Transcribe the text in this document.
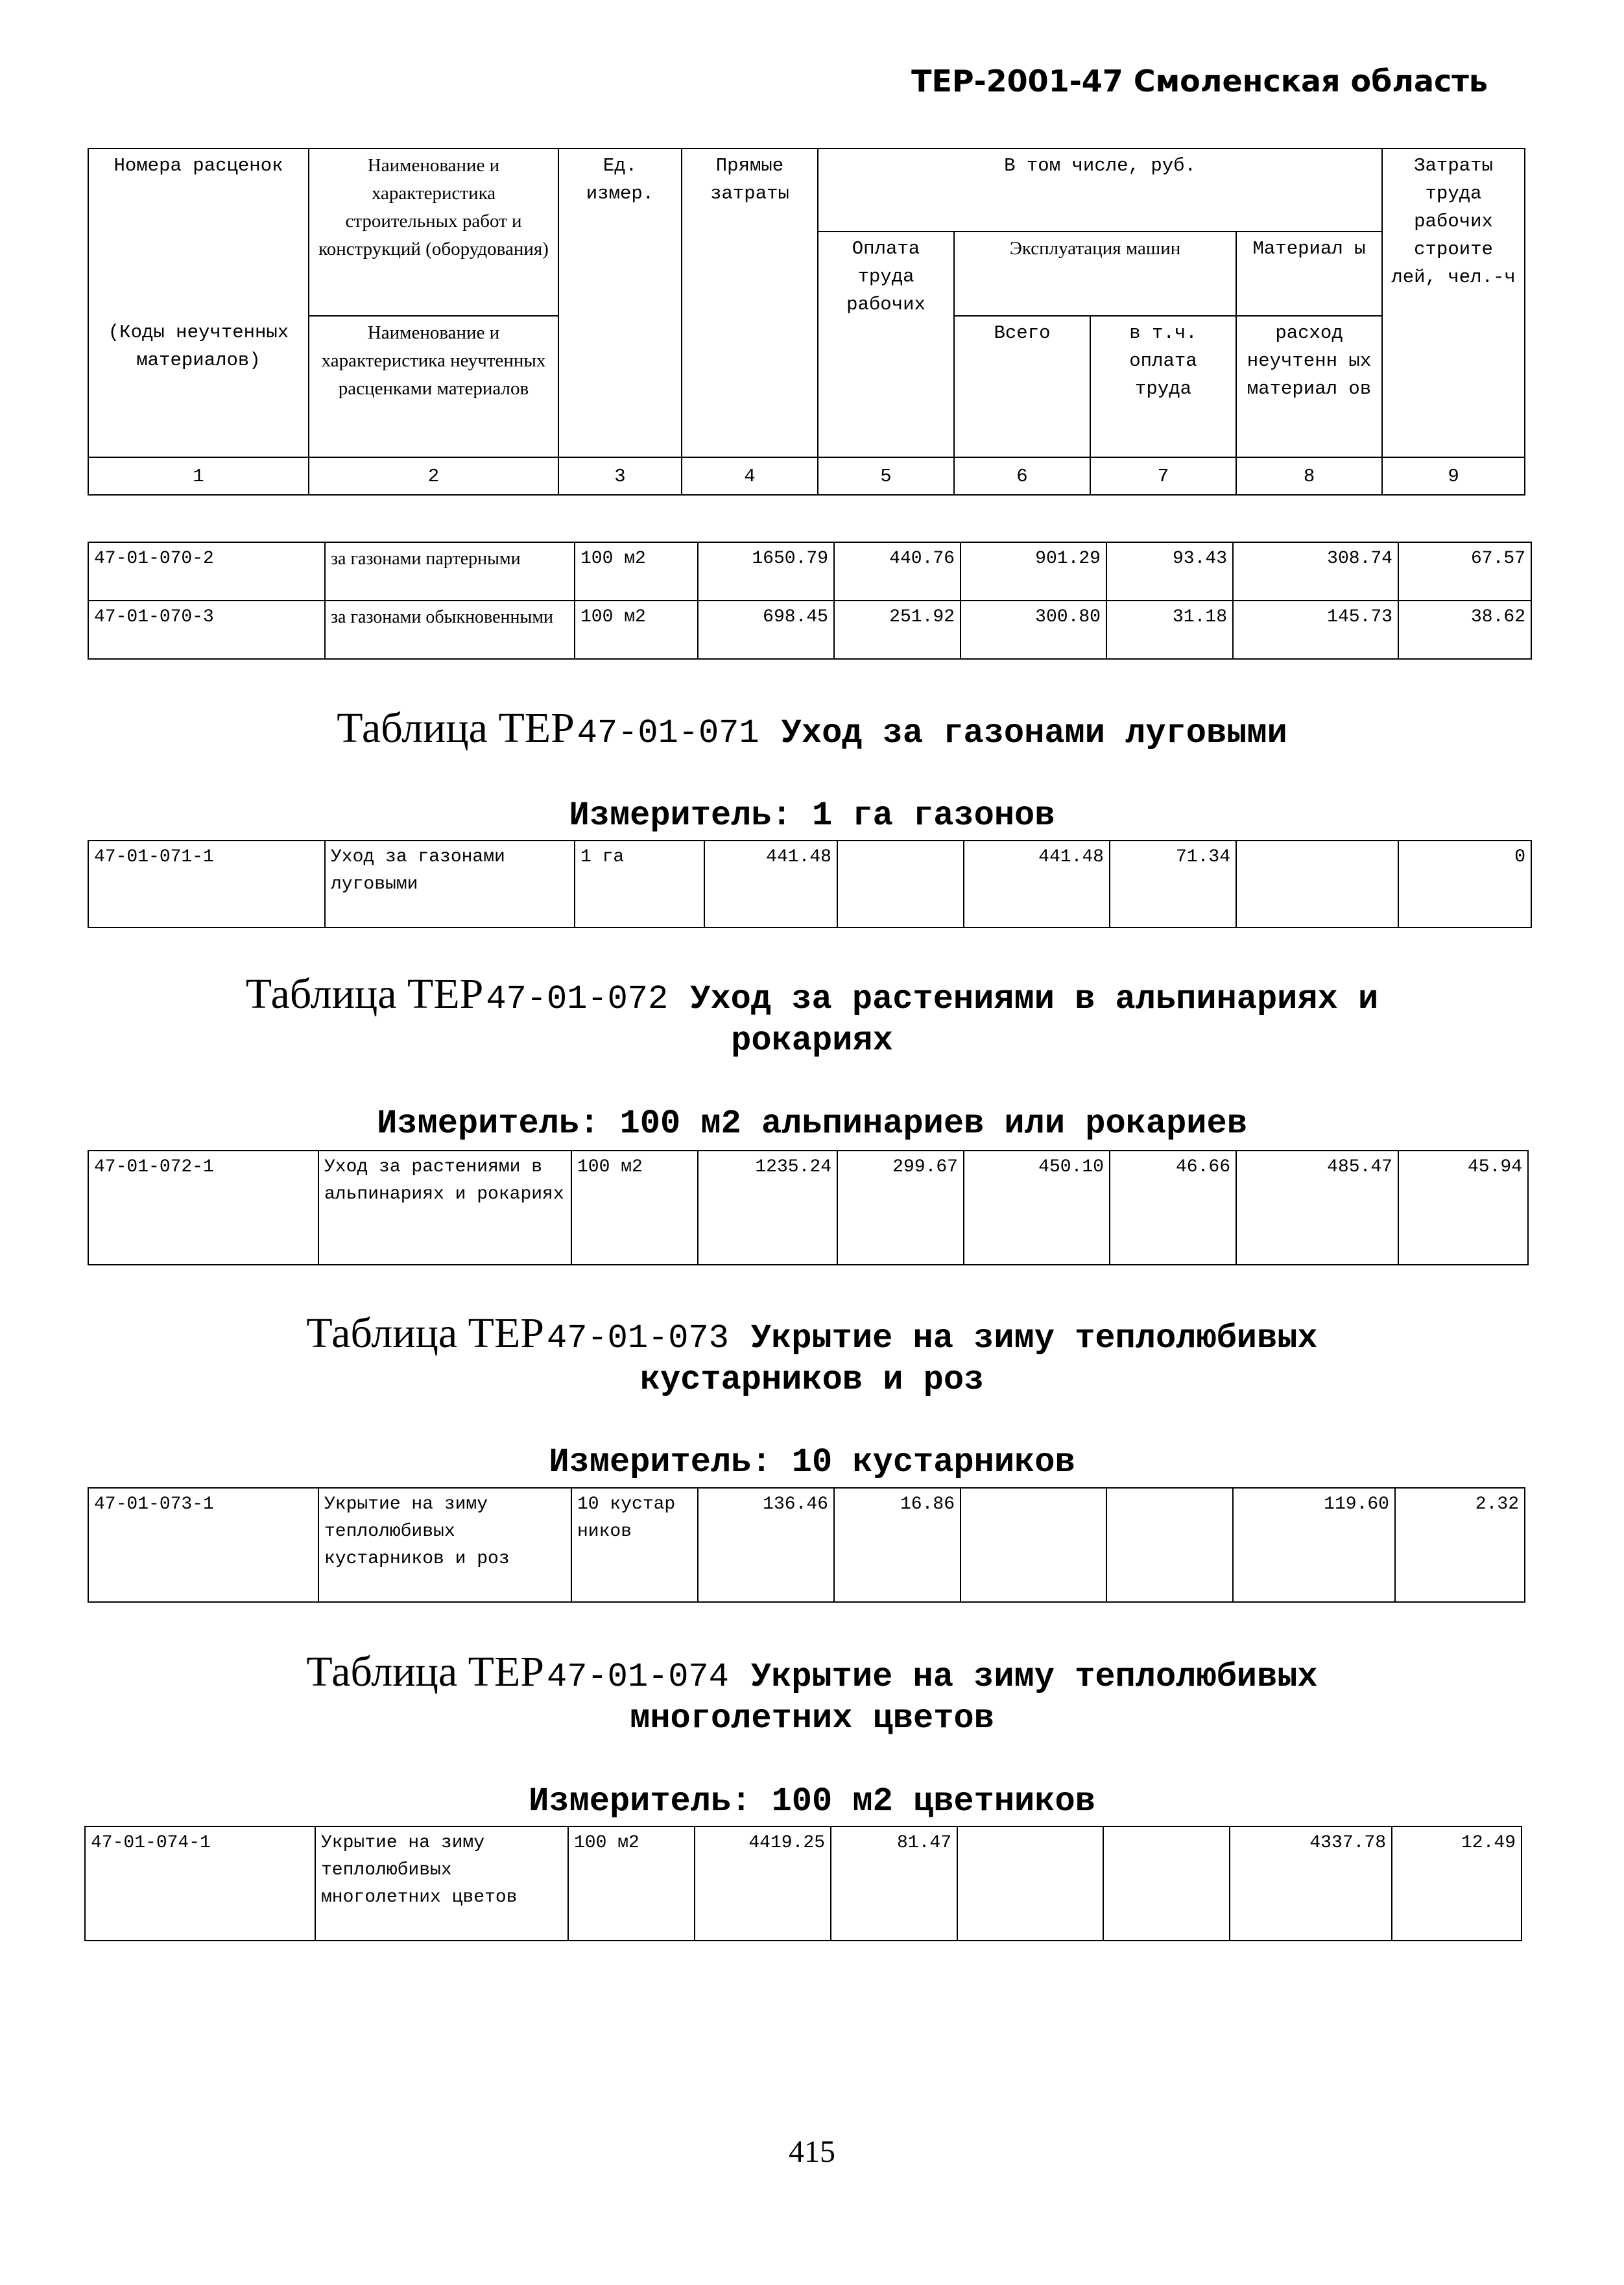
ТЕР-2001-47 Смоленская область
Номера расценок	Наименование и характеристика строительных работ и конструкций (оборудования)	Ед. измер.	Прямые затраты	В том числе, руб.				Затраты труда рабочих строите лей, чел.-ч
				Оплата труда рабочих	Эксплуатация машин		Материал ы	
(Коды неучтенных материалов)	Наименование и характеристика неучтенных расценками материалов				Всего	в т.ч. оплата труда	расход неучтенн ых материал ов	
1	2	3	4	5	6	7	8	9
47-01-070-2	за газонами партерными	100 м2	1650.79	440.76	901.29	93.43	308.74	67.57
47-01-070-3	за газонами обыкновенными	100 м2	698.45	251.92	300.80	31.18	145.73	38.62
Таблица ТЕР 47-01-071 Уход за газонами луговыми
Измеритель: 1 га газонов
47-01-071-1	Уход за газонами луговыми	1 га	441.48		441.48	71.34		0
Таблица ТЕР 47-01-072 Уход за растениями в альпинариях и
рокариях
Измеритель: 100 м2 альпинариев или рокариев
47-01-072-1	Уход за растениями в альпинариях и рокариях	100 м2	1235.24	299.67	450.10	46.66	485.47	45.94
Таблица ТЕР 47-01-073 Укрытие на зиму теплолюбивых
кустарников и роз
Измеритель: 10 кустарников
47-01-073-1	Укрытие на зиму теплолюбивых кустарников и роз	10 кустар ников	136.46	16.86			119.60	2.32
Таблица ТЕР 47-01-074 Укрытие на зиму теплолюбивых
многолетних цветов
Измеритель: 100 м2 цветников
47-01-074-1	Укрытие на зиму теплолюбивых многолетних цветов	100 м2	4419.25	81.47			4337.78	12.49
415
